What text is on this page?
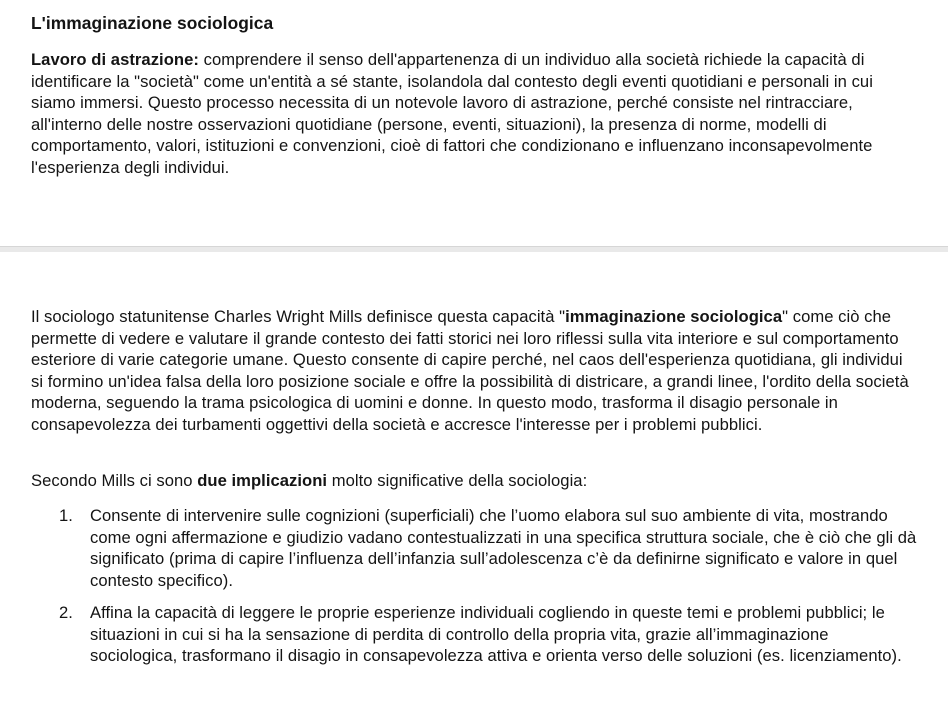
L'immaginazione sociologica
Lavoro di astrazione: comprendere il senso dell'appartenenza di un individuo alla società richiede la capacità di identificare la "società" come un'entità a sé stante, isolandola dal contesto degli eventi quotidiani e personali in cui siamo immersi. Questo processo necessita di un notevole lavoro di astrazione, perché consiste nel rintracciare, all'interno delle nostre osservazioni quotidiane (persone, eventi, situazioni), la presenza di norme, modelli di comportamento, valori, istituzioni e convenzioni, cioè di fattori che condizionano e influenzano inconsapevolmente l'esperienza degli individui.
Il sociologo statunitense Charles Wright Mills definisce questa capacità "immaginazione sociologica" come ciò che permette di vedere e valutare il grande contesto dei fatti storici nei loro riflessi sulla vita interiore e sul comportamento esteriore di varie categorie umane. Questo consente di capire perché, nel caos dell'esperienza quotidiana, gli individui si formino un'idea falsa della loro posizione sociale e offre la possibilità di districare, a grandi linee, l'ordito della società moderna, seguendo la trama psicologica di uomini e donne. In questo modo, trasforma il disagio personale in consapevolezza dei turbamenti oggettivi della società e accresce l'interesse per i problemi pubblici.
Secondo Mills ci sono due implicazioni molto significative della sociologia:
1.	Consente di intervenire sulle cognizioni (superficiali) che l’uomo elabora sul suo ambiente di vita, mostrando come ogni affermazione e giudizio vadano contestualizzati in una specifica struttura sociale, che è ciò che gli dà significato (prima di capire l’influenza dell’infanzia sull’adolescenza c’è da definirne significato e valore in quel contesto specifico).
2.	Affina la capacità di leggere le proprie esperienze individuali cogliendo in queste temi e problemi pubblici; le situazioni in cui si ha la sensazione di perdita di controllo della propria vita, grazie all’immaginazione sociologica, trasformano il disagio in consapevolezza attiva e orienta verso delle soluzioni (es. licenziamento).
